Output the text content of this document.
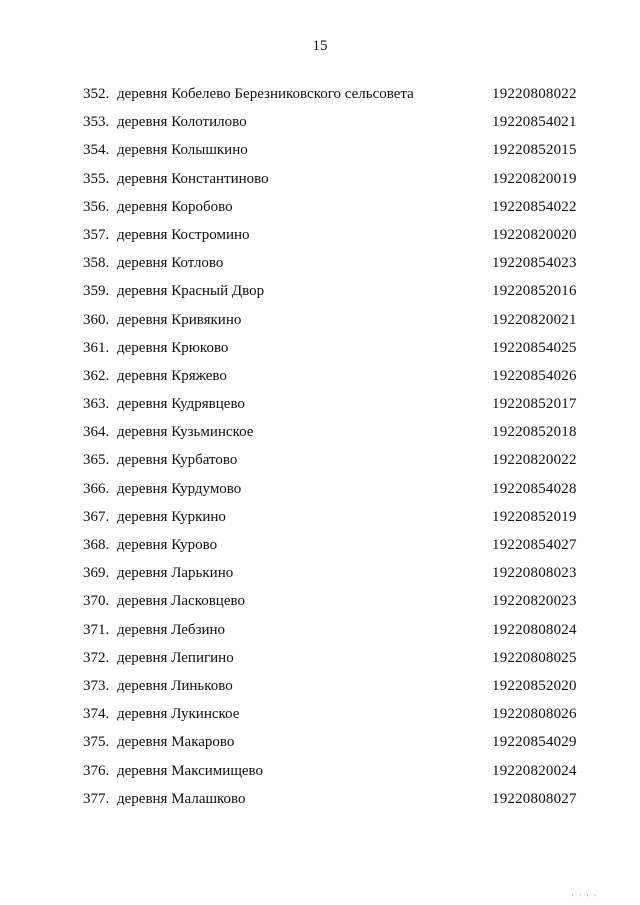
15
352. деревня Кобелево Березниковского сельсовета	19220808022
353. деревня Колотилово	19220854021
354. деревня Колышкино	19220852015
355. деревня Константиново	19220820019
356. деревня Коробово	19220854022
357. деревня Костромино	19220820020
358. деревня Котлово	19220854023
359. деревня Красный Двор	19220852016
360. деревня Кривякино	19220820021
361. деревня Крюково	19220854025
362. деревня Кряжево	19220854026
363. деревня Кудрявцево	19220852017
364. деревня Кузьминское	19220852018
365. деревня Курбатово	19220820022
366. деревня Курдумово	19220854028
367. деревня Куркино	19220852019
368. деревня Курово	19220854027
369. деревня Ларькино	19220808023
370. деревня Ласковцево	19220820023
371. деревня Лебзино	19220808024
372. деревня Лепигино	19220808025
373. деревня Линьково	19220852020
374. деревня Лукинское	19220808026
375. деревня Макарово	19220854029
376. деревня Максимищево	19220820024
377. деревня Малашково	19220808027
' ' ' '
